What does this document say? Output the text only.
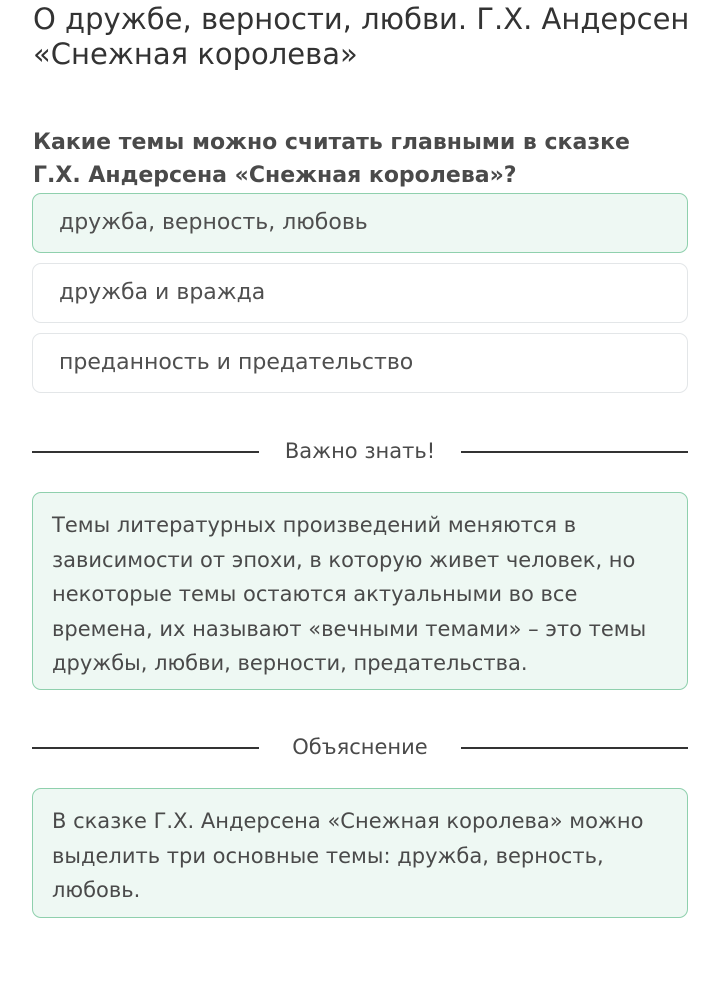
О дружбе, верности, любви. Г.Х. Андерсен «Снежная королева»

Какие темы можно считать главными в сказке Г.Х. Андерсена «Снежная королева»?

дружба, верность, любовь
дружба и вражда
преданность и предательство
Важно знать!
Темы литературных произведений меняются в зависимости от эпохи, в которую живет человек, но некоторые темы остаются актуальными во все времена, их называют «вечными темами» – это темы дружбы, любви, верности, предательства.
Объяснение
В сказке Г.Х. Андерсена «Снежная королева» можно выделить три основные темы: дружба, верность, любовь.
